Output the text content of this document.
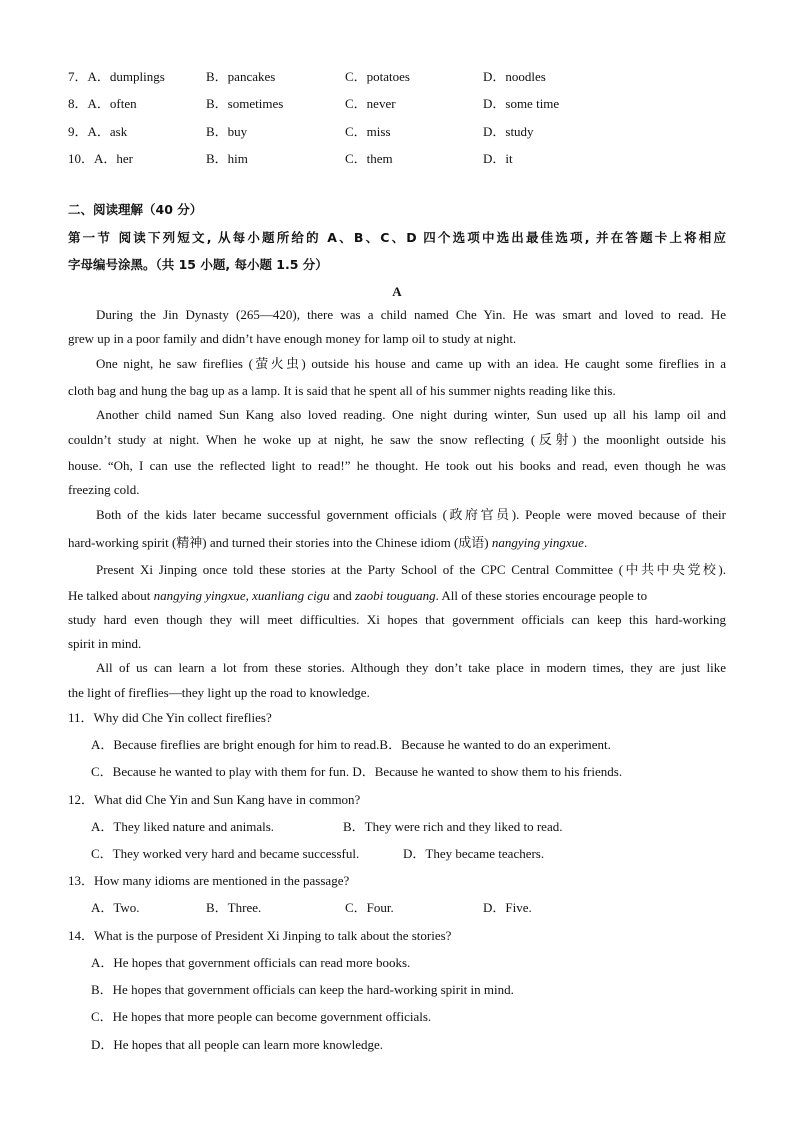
7．A．dumplings	B．pancakes	C．potatoes	D．noodles
8．A．often	B．sometimes	C．never	D．some time
9．A．ask	B．buy	C．miss	D．study
10．A．her	B．him	C．them	D．it
二、阅读理解（40 分）
第一节 阅读下列短文, 从每小题所给的 A、B、C、D 四个选项中选出最佳选项, 并在答题卡上将相应
字母编号涂黑。（共 15 小题, 每小题 1.5 分）
A
During the Jin Dynasty (265—420), there was a child named Che Yin. He was smart and loved to read. He
grew up in a poor family and didn’t have enough money for lamp oil to study at night.
One night, he saw fireflies (萤火虫) outside his house and came up with an idea. He caught some fireflies in a
cloth bag and hung the bag up as a lamp. It is said that he spent all of his summer nights reading like this.
Another child named Sun Kang also loved reading. One night during winter, Sun used up all his lamp oil and
couldn’t study at night. When he woke up at night, he saw the snow reflecting (反射) the moonlight outside his
house. “Oh, I can use the reflected light to read!” he thought. He took out his books and read, even though he was
freezing cold.
Both of the kids later became successful government officials (政府官员). People were moved because of their
hard-working spirit (精神) and turned their stories into the Chinese idiom (成语) nangying yingxue.
Present Xi Jinping once told these stories at the Party School of the CPC Central Committee (中共中央党校).
He talked about nangying yingxue, xuanliang cigu and zaobi touguang. All of these stories encourage people to
study hard even though they will meet difficulties. Xi hopes that government officials can keep this hard-working
spirit in mind.
All of us can learn a lot from these stories. Although they don’t take place in modern times, they are just like
the light of fireflies—they light up the road to knowledge.
11．Why did Che Yin collect fireflies?
A．Because fireflies are bright enough for him to read.B．Because he wanted to do an experiment.
C．Because he wanted to play with them for fun. D．Because he wanted to show them to his friends.
12．What did Che Yin and Sun Kang have in common?
A．They liked nature and animals.	B．They were rich and they liked to read.
C．They worked very hard and became successful.	D．They became teachers.
13．How many idioms are mentioned in the passage?
A．Two.	B．Three.	C．Four.	D．Five.
14．What is the purpose of President Xi Jinping to talk about the stories?
A．He hopes that government officials can read more books.
B．He hopes that government officials can keep the hard-working spirit in mind.
C．He hopes that more people can become government officials.
D．He hopes that all people can learn more knowledge.
